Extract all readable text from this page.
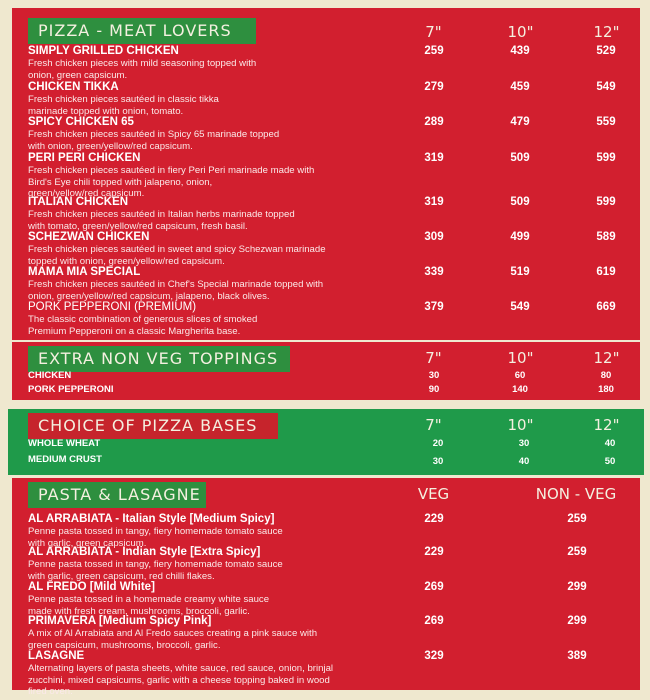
PIZZA - MEAT LOVERS	7"	10"	12"
SIMPLY GRILLED CHICKEN
Fresh chicken pieces with mild seasoning topped with
onion, green capsicum.
259	439	529
CHICKEN TIKKA
Fresh chicken pieces sautéed in classic tikka
marinade topped with onion, tomato.
279	459	549
SPICY CHICKEN 65
Fresh chicken pieces sautéed in Spicy 65 marinade topped
with onion, green/yellow/red capsicum.
289	479	559
PERI PERI CHICKEN
Fresh chicken pieces sautéed in fiery Peri Peri marinade made with
Bird's Eye chili topped with jalapeno, onion,
green/yellow/red capsicum.
319	509	599
ITALIAN CHICKEN
Fresh chicken pieces sautéed in Italian herbs marinade topped
with tomato, green/yellow/red capsicum, fresh basil.
319	509	599
SCHEZWAN CHICKEN
Fresh chicken pieces sautéed in sweet and spicy Schezwan marinade
topped with onion, green/yellow/red capsicum.
309	499	589
MAMA MIA SPECIAL
Fresh chicken pieces sautéed in Chef's Special marinade topped with
onion, green/yellow/red capsicum, jalapeno, black olives.
339	519	619
PORK PEPPERONI (PREMIUM)
The classic combination of generous slices of smoked
Premium Pepperoni on a classic Margherita base.
379	549	669
EXTRA NON VEG TOPPINGS	7"	10"	12"
CHICKEN	30	60	80
PORK PEPPERONI	90	140	180
CHOICE OF PIZZA BASES	7"	10"	12"
WHOLE WHEAT	20	30	40
MEDIUM CRUST	30	40	50
PASTA & LASAGNE	VEG	NON - VEG
AL ARRABIATA - Italian Style [Medium Spicy]
Penne pasta tossed in tangy, fiery homemade tomato sauce
with garlic, green capsicum.
229	259
AL ARRABIATA - Indian Style [Extra Spicy]
Penne pasta tossed in tangy, fiery homemade tomato sauce
with garlic, green capsicum, red chilli flakes.
229	259
AL FREDO [Mild White]
Penne pasta tossed in a homemade creamy white sauce
made with fresh cream, mushrooms, broccoli, garlic.
269	299
PRIMAVERA [Medium Spicy Pink]
A mix of Al Arrabiata and Al Fredo sauces creating a pink sauce with
green capsicum, mushrooms, broccoli, garlic.
269	299
LASAGNE
Alternating layers of pasta sheets, white sauce, red sauce, onion, brinjal
zucchini, mixed capsicums, garlic with a cheese topping baked in wood
fired oven.
329	389
